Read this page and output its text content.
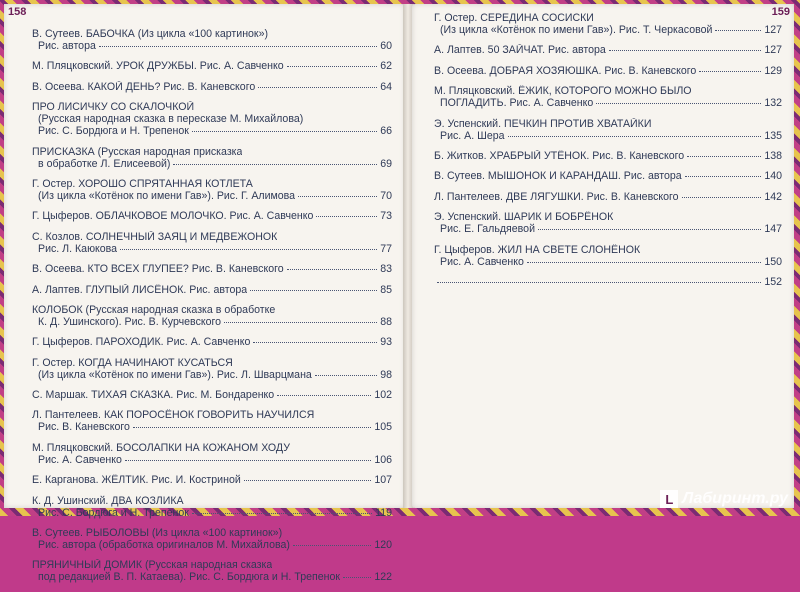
158
В. Сутеев. БАБОЧКА (Из цикла «100 картинок»)
Рис. автора	60
М. Пляцковский. УРОК ДРУЖБЫ. Рис. А. Савченко	62
В. Осеева. КАКОЙ ДЕНЬ? Рис. В. Каневского	64
ПРО ЛИСИЧКУ СО СКАЛОЧКОЙ
(Русская народная сказка в пересказе М. Михайлова)
Рис. С. Бордюга и Н. Трепенок	66
ПРИСКАЗКА (Русская народная присказка
в обработке Л. Елисеевой)	69
Г. Остер. ХОРОШО СПРЯТАННАЯ КОТЛЕТА
(Из цикла «Котёнок по имени Гав»). Рис. Г. Алимова	70
Г. Цыферов. ОБЛАЧКОВОЕ МОЛОЧКО. Рис. А. Савченко	73
С. Козлов. СОЛНЕЧНЫЙ ЗАЯЦ И МЕДВЕЖОНОК
Рис. Л. Каюкова	77
В. Осеева. КТО ВСЕХ ГЛУПЕЕ? Рис. В. Каневского	83
А. Лаптев. ГЛУПЫЙ ЛИСЁНОК. Рис. автора	85
КОЛОБОК (Русская народная сказка в обработке
К. Д. Ушинского). Рис. В. Курчевского	88
Г. Цыферов. ПАРОХОДИК. Рис. А. Савченко	93
Г. Остер. КОГДА НАЧИНАЮТ КУСАТЬСЯ
(Из цикла «Котёнок по имени Гав»). Рис. Л. Шварцмана	98
С. Маршак. ТИХАЯ СКАЗКА. Рис. М. Бондаренко	102
Л. Пантелеев. КАК ПОРОСЁНОК ГОВОРИТЬ НАУЧИЛСЯ
Рис. В. Каневского	105
М. Пляцковский. БОСОЛАПКИ НА КОЖАНОМ ХОДУ
Рис. А. Савченко	106
Е. Карганова. ЖЁЛТИК. Рис. И. Костриной	107
К. Д. Ушинский. ДВА КОЗЛИКА
Рис. С. Бордюга и Н. Трепенок	119
В. Сутеев. РЫБОЛОВЫ (Из цикла «100 картинок»)
Рис. автора (обработка оригиналов М. Михайлова)	120
ПРЯНИЧНЫЙ ДОМИК (Русская народная сказка
под редакцией В. П. Катаева). Рис. С. Бордюга и Н. Трепенок	122
159
Г. Остер. СЕРЕДИНА СОСИСКИ
(Из цикла «Котёнок по имени Гав»). Рис. Т. Черкасовой	127
А. Лаптев. 50 ЗАЙЧАТ. Рис. автора	127
В. Осеева. ДОБРАЯ ХОЗЯЮШКА. Рис. В. Каневского	129
М. Пляцковский. ЁЖИК, КОТОРОГО МОЖНО БЫЛО
ПОГЛАДИТЬ. Рис. А. Савченко	132
Э. Успенский. ПЕЧКИН ПРОТИВ ХВАТАЙКИ
Рис. А. Шера	135
Б. Житков. ХРАБРЫЙ УТЁНОК. Рис. В. Каневского	138
В. Сутеев. МЫШОНОК И КАРАНДАШ. Рис. автора	140
Л. Пантелеев. ДВЕ ЛЯГУШКИ. Рис. В. Каневского	142
Э. Успенский. ШАРИК И БОБРЁНОК
Рис. Е. Гальдяевой	147
Г. Цыферов. ЖИЛ НА СВЕТЕ СЛОНЁНОК
Рис. А. Савченко	150
152
L Лабиринт.ру
